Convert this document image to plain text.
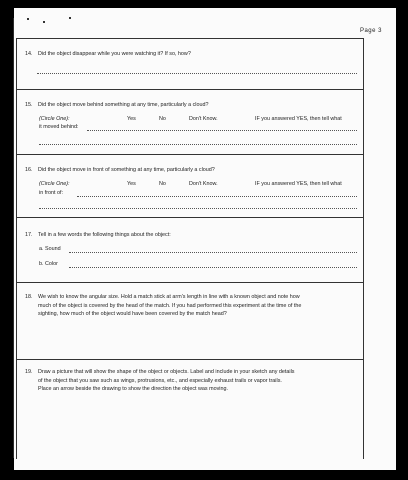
Page 3
14. Did the object disappear while you were watching it? If so, how?
15. Did the object move behind something at any time, particularly a cloud?
(Circle One):	Yes	No	Don't Know.	IF you answered YES, then tell what
it moved behind:
16. Did the object move in front of something at any time, particularly a cloud?
(Circle One):	Yes	No	Don't Know.	IF you answered YES, then tell what
in front of:
17. Tell in a few words the following things about the object:
a. Sound
b. Color
18. We wish to know the angular size. Hold a match stick at arm's length in line with a known object and note how
much of the object is covered by the head of the match. If you had performed this experiment at the time of the
sighting, how much of the object would have been covered by the match head?
19. Draw a picture that will show the shape of the object or objects. Label and include in your sketch any details
of the object that you saw such as wings, protrusions, etc., and especially exhaust trails or vapor trails.
Place an arrow beside the drawing to show the direction the object was moving.
